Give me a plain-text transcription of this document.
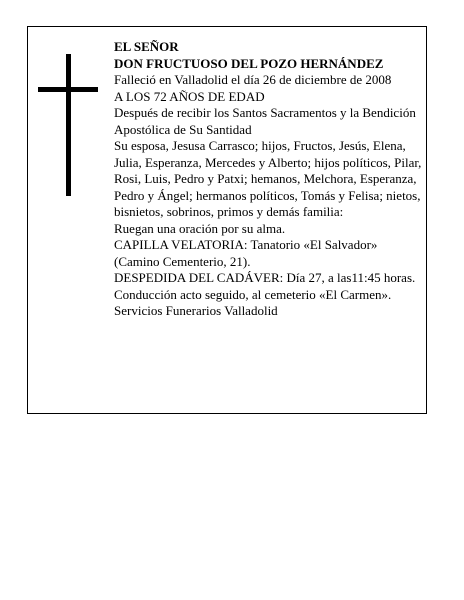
EL SEÑOR

DON FRUCTUOSO DEL POZO HERNÁNDEZ

Falleció en Valladolid el día 26 de diciembre de 2008

A LOS 72 AÑOS DE EDAD

Después de recibir los Santos Sacramentos y la Bendición Apostólica de Su Santidad

Su esposa, Jesusa Carrasco; hijos, Fructos, Jesús, Elena, Julia, Esperanza, Mercedes y Alberto; hijos políticos, Pilar, Rosi, Luis, Pedro y Patxi; hemanos, Melchora, Esperanza, Pedro y Ángel; hermanos políticos, Tomás y Felisa; nietos, bisnietos, sobrinos, primos y demás familia:

Ruegan una oración por su alma.

CAPILLA VELATORIA: Tanatorio «El Salvador» (Camino Cementerio, 21).

DESPEDIDA DEL CADÁVER: Día 27, a las11:45 horas. Conducción acto seguido, al cemeterio «El Carmen».

Servicios Funerarios Valladolid
